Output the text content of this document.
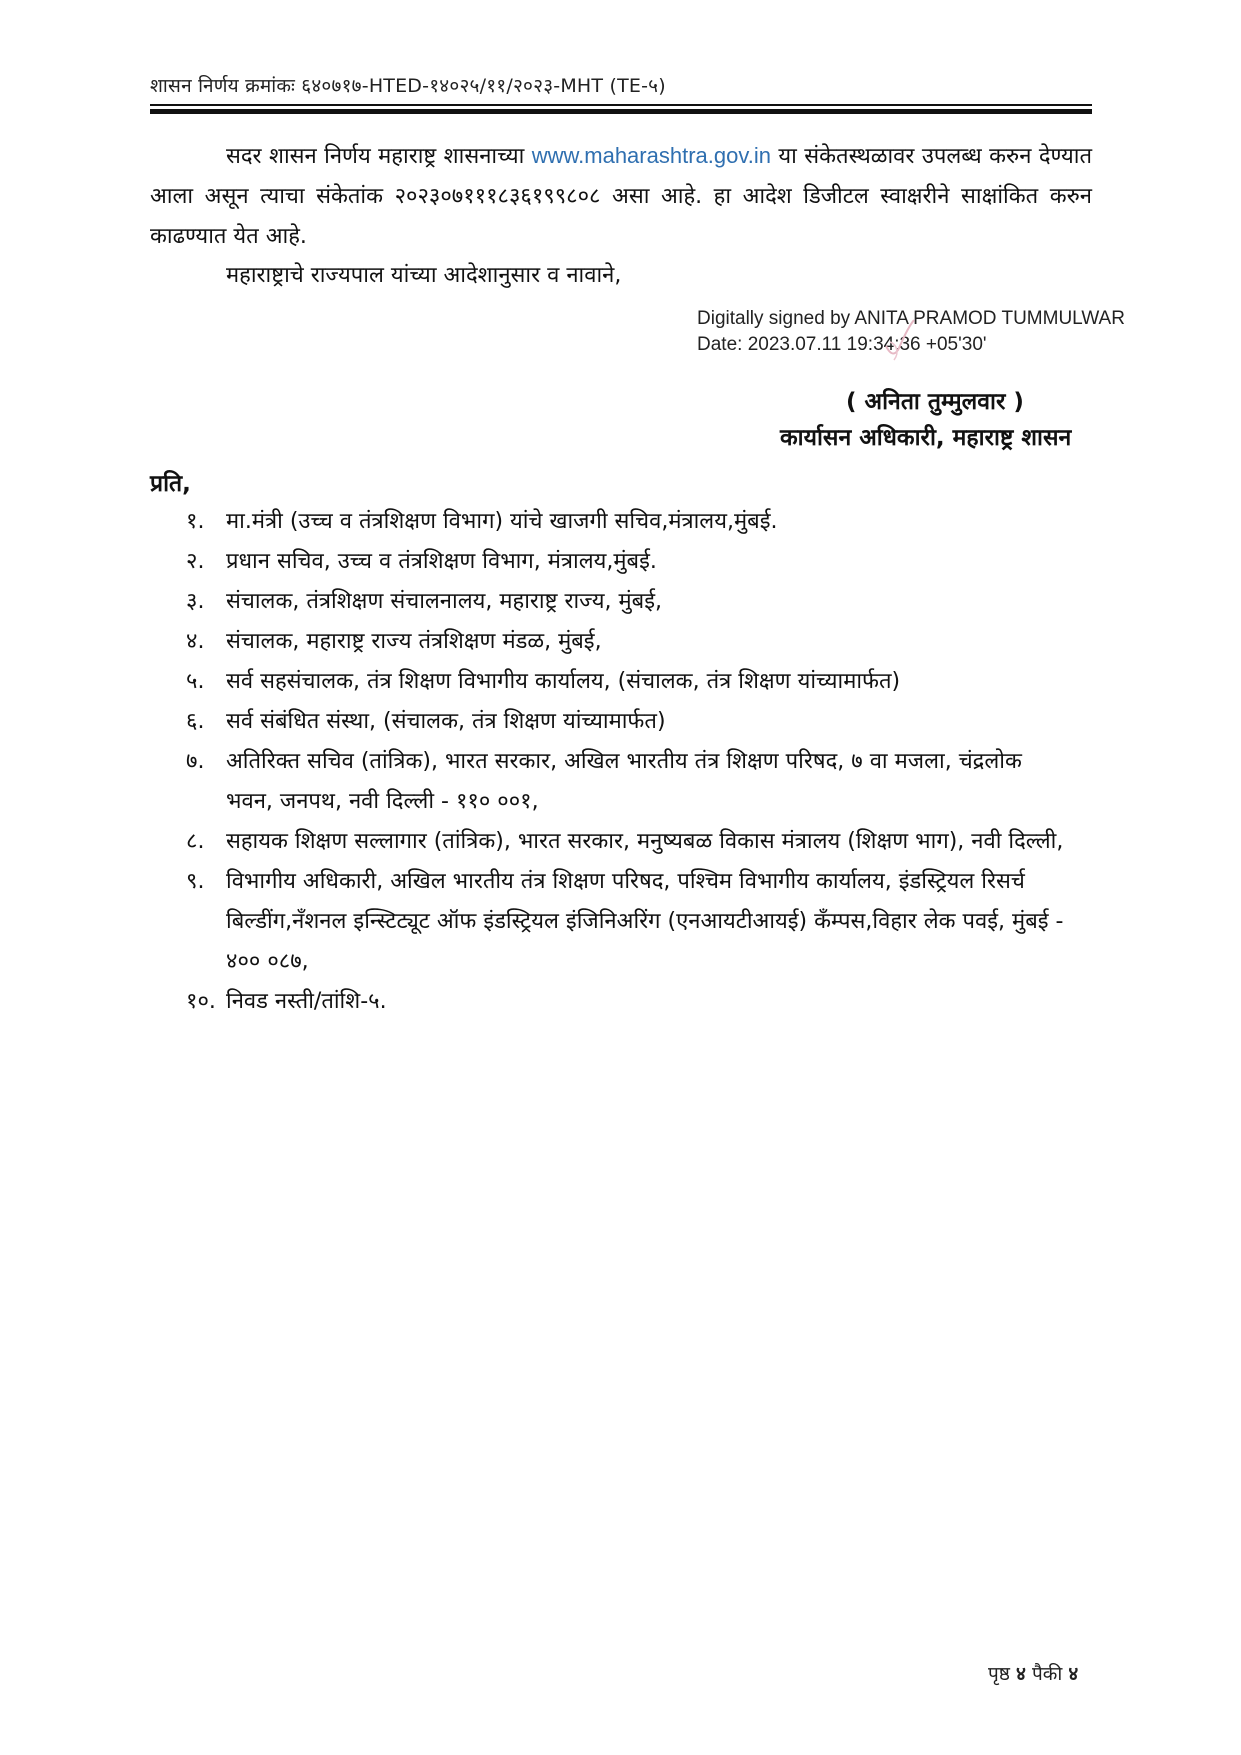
शासन निर्णय क्रमांकः ६४०७१७-HTED-१४०२५/११/२०२३-MHT (TE-५)
सदर शासन निर्णय महाराष्ट्र शासनाच्या www.maharashtra.gov.in या संकेतस्थळावर उपलब्ध करुन देण्यात आला असून त्याचा संकेतांक २०२३०७१११८३६१९९८०८ असा आहे. हा आदेश डिजीटल स्वाक्षरीने साक्षांकित करुन काढण्यात येत आहे.
महाराष्ट्राचे राज्यपाल यांच्या आदेशानुसार व नावाने,
Digitally signed by ANITA PRAMOD TUMMULWAR
Date: 2023.07.11 19:34:36 +05'30'
( अनिता तुम्मुलवार )
कार्यासन अधिकारी, महाराष्ट्र शासन
प्रति,
१. मा.मंत्री (उच्च व तंत्रशिक्षण विभाग) यांचे खाजगी सचिव,मंत्रालय,मुंबई.
२. प्रधान सचिव, उच्च व तंत्रशिक्षण विभाग, मंत्रालय,मुंबई.
३. संचालक, तंत्रशिक्षण संचालनालय, महाराष्ट्र राज्य, मुंबई,
४. संचालक, महाराष्ट्र राज्य तंत्रशिक्षण मंडळ, मुंबई,
५. सर्व सहसंचालक, तंत्र शिक्षण विभागीय कार्यालय, (संचालक, तंत्र शिक्षण यांच्यामार्फत)
६. सर्व संबंधित संस्था, (संचालक, तंत्र शिक्षण यांच्यामार्फत)
७. अतिरिक्त सचिव (तांत्रिक), भारत सरकार, अखिल भारतीय तंत्र शिक्षण परिषद, ७ वा मजला, चंद्रलोक भवन, जनपथ, नवी दिल्ली - ११० ००१,
८. सहायक शिक्षण सल्लागार (तांत्रिक), भारत सरकार, मनुष्यबळ विकास मंत्रालय (शिक्षण भाग), नवी दिल्ली,
९. विभागीय अधिकारी, अखिल भारतीय तंत्र शिक्षण परिषद, पश्चिम विभागीय कार्यालय, इंडस्ट्रियल रिसर्च बिल्डींग,नँशनल इन्स्टिट्यूट ऑफ इंडस्ट्रियल इंजिनिअरिंग (एनआयटीआयई) कँम्पस,विहार लेक पवई, मुंबई - ४०० ०८७,
१०. निवड नस्ती/तांशि-५.
पृष्ठ ४ पैकी ४
